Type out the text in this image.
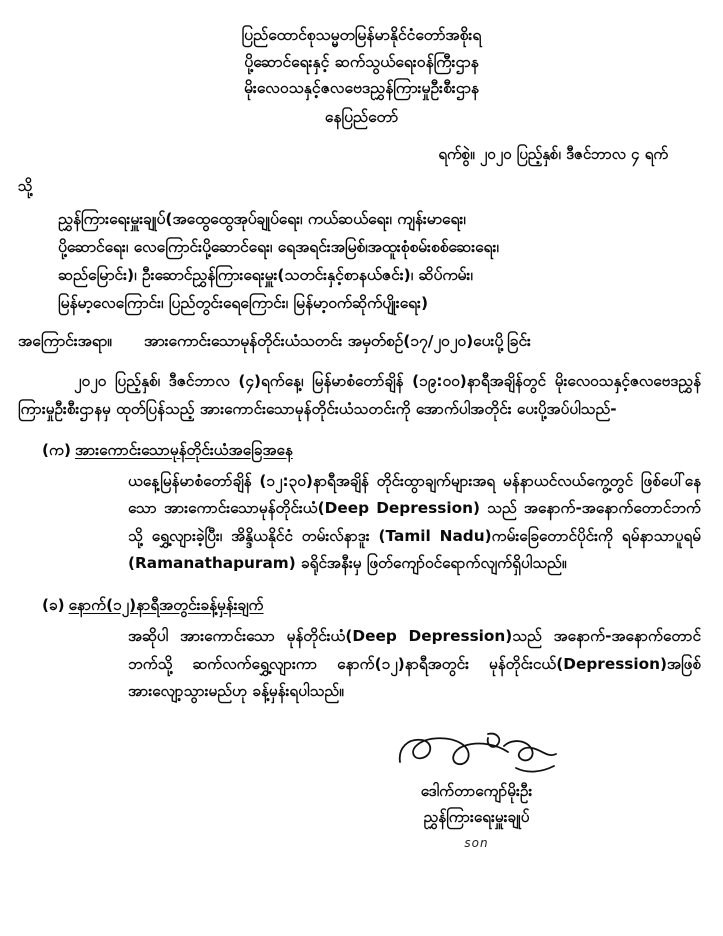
ပြည်ထောင်စုသမ္မတမြန်မာနိုင်ငံတော်အစိုးရ
ပို့ဆောင်ရေးနှင့် ဆက်သွယ်ရေးဝန်ကြီးဌာန
မိုးလေဝသနှင့်ဇလဗေဒညွှန်ကြားမှုဦးစီးဌာန
နေပြည်တော်
ရက်စွဲ။ ၂၀၂၀ ပြည့်နှစ်၊ ဒီဇင်ဘာလ ၄ ရက်
သို့
ညွှန်ကြားရေးမှူးချုပ်(အထွေထွေအုပ်ချုပ်ရေး၊ ကယ်ဆယ်ရေး၊ ကျန်းမာရေး၊
ပို့ဆောင်ရေး၊ လေကြောင်းပို့ဆောင်ရေး၊ ရေအရင်းအမြစ်၊အထူးစုံစမ်းစစ်ဆေးရေး၊
ဆည်မြောင်း)၊ ဦးဆောင်ညွှန်ကြားရေးမှူး(သတင်းနှင့်စာနယ်ဇင်း)၊ ဆိပ်ကမ်း၊
မြန်မာ့လေကြောင်း၊ ပြည်တွင်းရေကြောင်း၊ မြန်မာ့ဝက်ဆိုက်ပျိုးရေး)
အကြောင်းအရာ။	အားကောင်းသောမုန်တိုင်းယံသတင်း အမှတ်စဉ်(၁၇/၂၀၂၀)ပေးပို့ခြင်း
၂၀၂၀ ပြည့်နှစ်၊ ဒီဇင်ဘာလ (၄)ရက်နေ့၊ မြန်မာစံတော်ချိန် (၁၉:၀၀)နာရီအချိန်တွင် မိုးလေဝသနှင့်ဇလဗေဒညွှန်ကြားမှုဦးစီးဌာနမှ ထုတ်ပြန်သည့် အားကောင်းသောမုန်တိုင်းယံသတင်းကို အောက်ပါအတိုင်း ပေးပို့အပ်ပါသည်-
(က) အားကောင်းသောမုန်တိုင်းယံအခြေအနေ
ယနေ့မြန်မာစံတော်ချိန် (၁၂:၃၀)နာရီအချိန် တိုင်းထွာချက်များအရ မန်နာယင်လယ်ကွေ့တွင် ဖြစ်ပေါ်နေသော အားကောင်းသောမုန်တိုင်းယံ(Deep Depression) သည် အနောက်-အနောက်တောင်ဘက်သို့ ရွှေ့လျားခဲ့ပြီး၊ အိန္ဒိယနိုင်ငံ တမ်းလ်နာဒူး (Tamil Nadu)ကမ်းခြေတောင်ပိုင်းကို ရမ်နာသာပူရမ် (Ramanathapuram) ခရိုင်အနီးမှ ဖြတ်ကျော်ဝင်ရောက်လျက်ရှိပါသည်။
(ခ) နောက်(၁၂)နာရီအတွင်းခန့်မှန်းချက်
အဆိုပါ အားကောင်းသော မုန်တိုင်းယံ(Deep Depression)သည် အနောက်-အနောက်တောင်ဘက်သို့ ဆက်လက်ရွှေ့လျားကာ နောက်(၁၂)နာရီအတွင်း မုန်တိုင်းငယ်(Depression)အဖြစ် အားလျော့သွားမည်ဟု ခန့်မှန်းရပါသည်။
ဒေါက်တာကျော်မိုးဦး
ညွှန်ကြားရေးမှူးချုပ်
son
